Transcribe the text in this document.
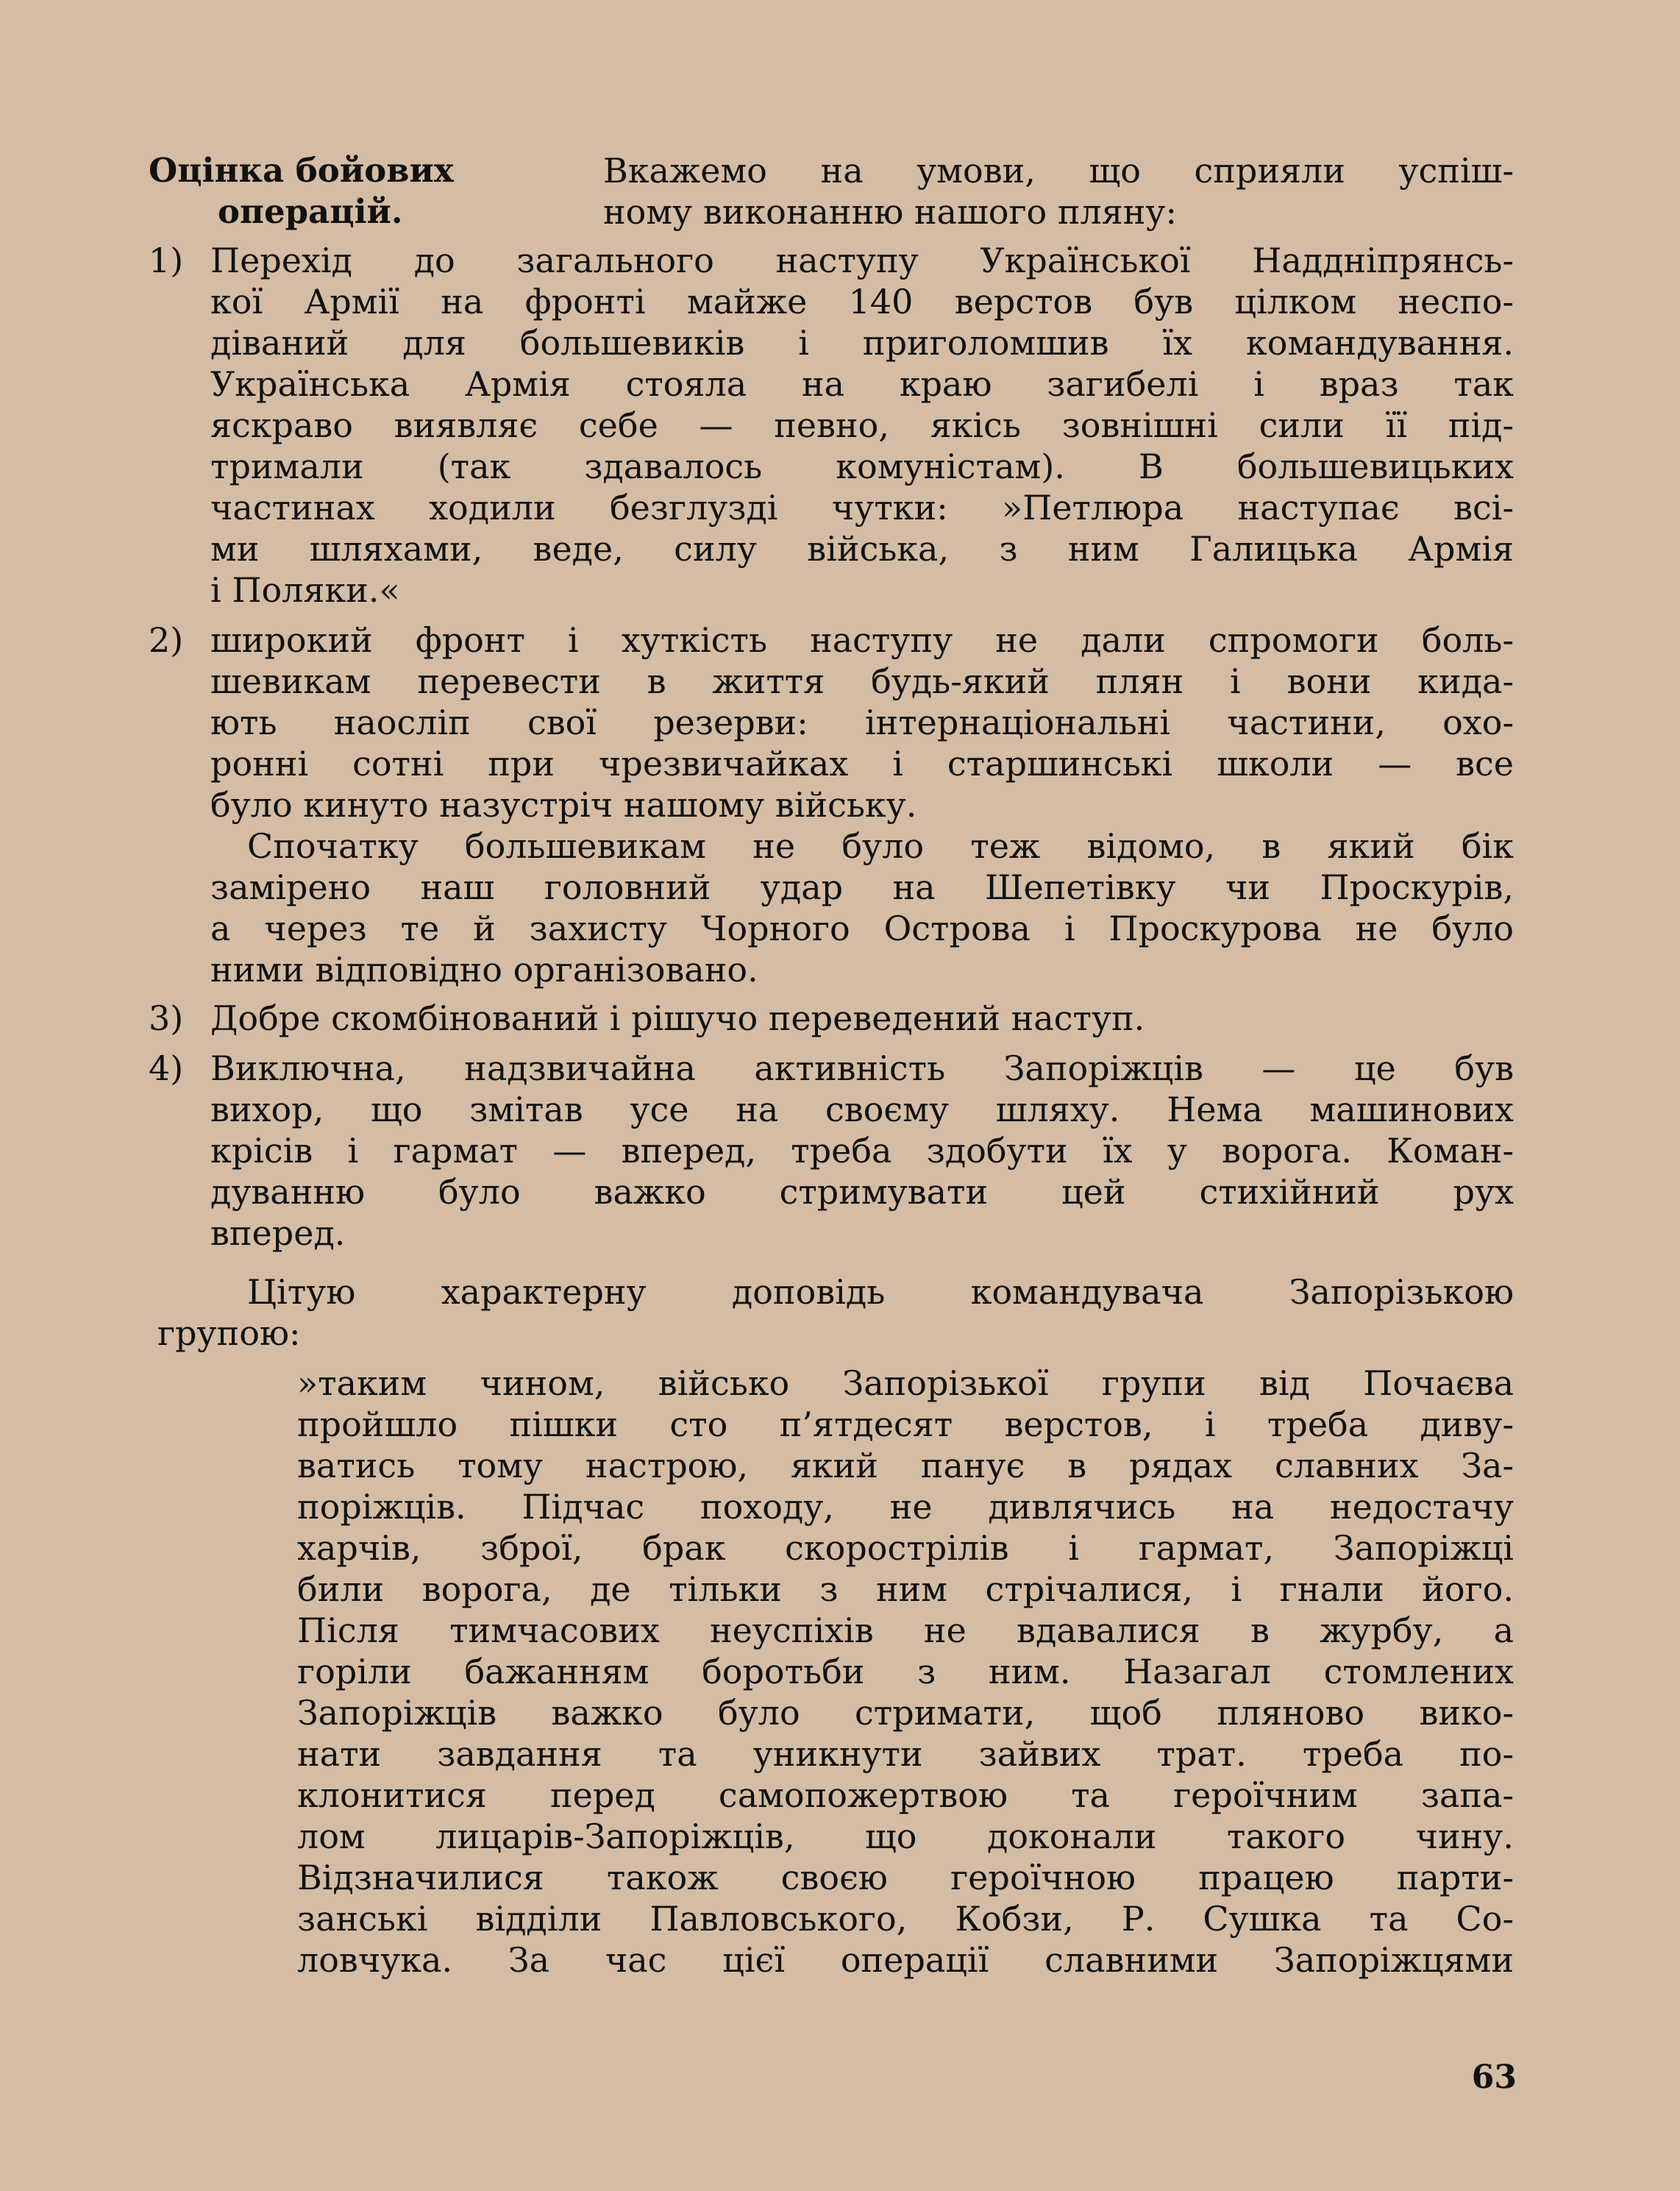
Оцінка бойових
операцій.

Вкажемо на умови, що сприяли успіш-

ному виконанню нашого пляну:

1) Перехід до загального наступу Української Наддніпрянсь-

кої Армії на фронті майже 140 верстов був цілком неспо-

діваний для большевиків і приголомшив їх командування.

Українська Армія стояла на краю загибелі і враз так

яскраво виявляє себе — певно, якісь зовнішні сили її під-

тримали (так здавалось комуністам). В большевицьких

частинах ходили безглузді чутки: »Петлюра наступає всі-

ми шляхами, веде, силу війська, з ним Галицька Армія

і Поляки.«

2) широкий фронт і хуткість наступу не дали спромоги боль-

шевикам перевести в життя будь-який плян і вони кида-

ють наосліп свої резерви: інтернаціональні частини, охо-

ронні сотні при чрезвичайках і старшинські школи — все

було кинуто назустріч нашому війську.

Спочатку большевикам не було теж відомо, в який бік

замірено наш головний удар на Шепетівку чи Проскурів,

а через те й захисту Чорного Острова і Проскурова не було

ними відповідно організовано.

3) Добре скомбінований і рішучо переведений наступ.

4) Виключна, надзвичайна активність Запоріжців — це був

вихор, що змітав усе на своєму шляху. Нема машинових

крісів і гармат — вперед, треба здобути їх у ворога. Коман-

дуванню було важко стримувати цей стихійний рух

вперед.

Цітую характерну доповідь командувача Запорізькою

групою:

»таким чином, військо Запорізької групи від Почаєва

пройшло пішки сто п’ятдесят верстов, і треба диву-

ватись тому настрою, який панує в рядах славних За-

поріжців. Підчас походу, не дивлячись на недостачу

харчів, зброї, брак скорострілів і гармат, Запоріжці

били ворога, де тільки з ним стрічалися, і гнали його.

Після тимчасових неуспіхів не вдавалися в журбу, а

горіли бажанням боротьби з ним. Назагал стомлених

Запоріжців важко було стримати, щоб пляново вико-

нати завдання та уникнути зайвих трат. треба по-

клонитися перед самопожертвою та героїчним запа-

лом лицарів-Запоріжців, що доконали такого чину.

Відзначилися також своєю героїчною працею парти-

занські відділи Павловського, Кобзи, Р. Сушка та Со-

ловчука. За час цієї операції славними Запоріжцями

63
